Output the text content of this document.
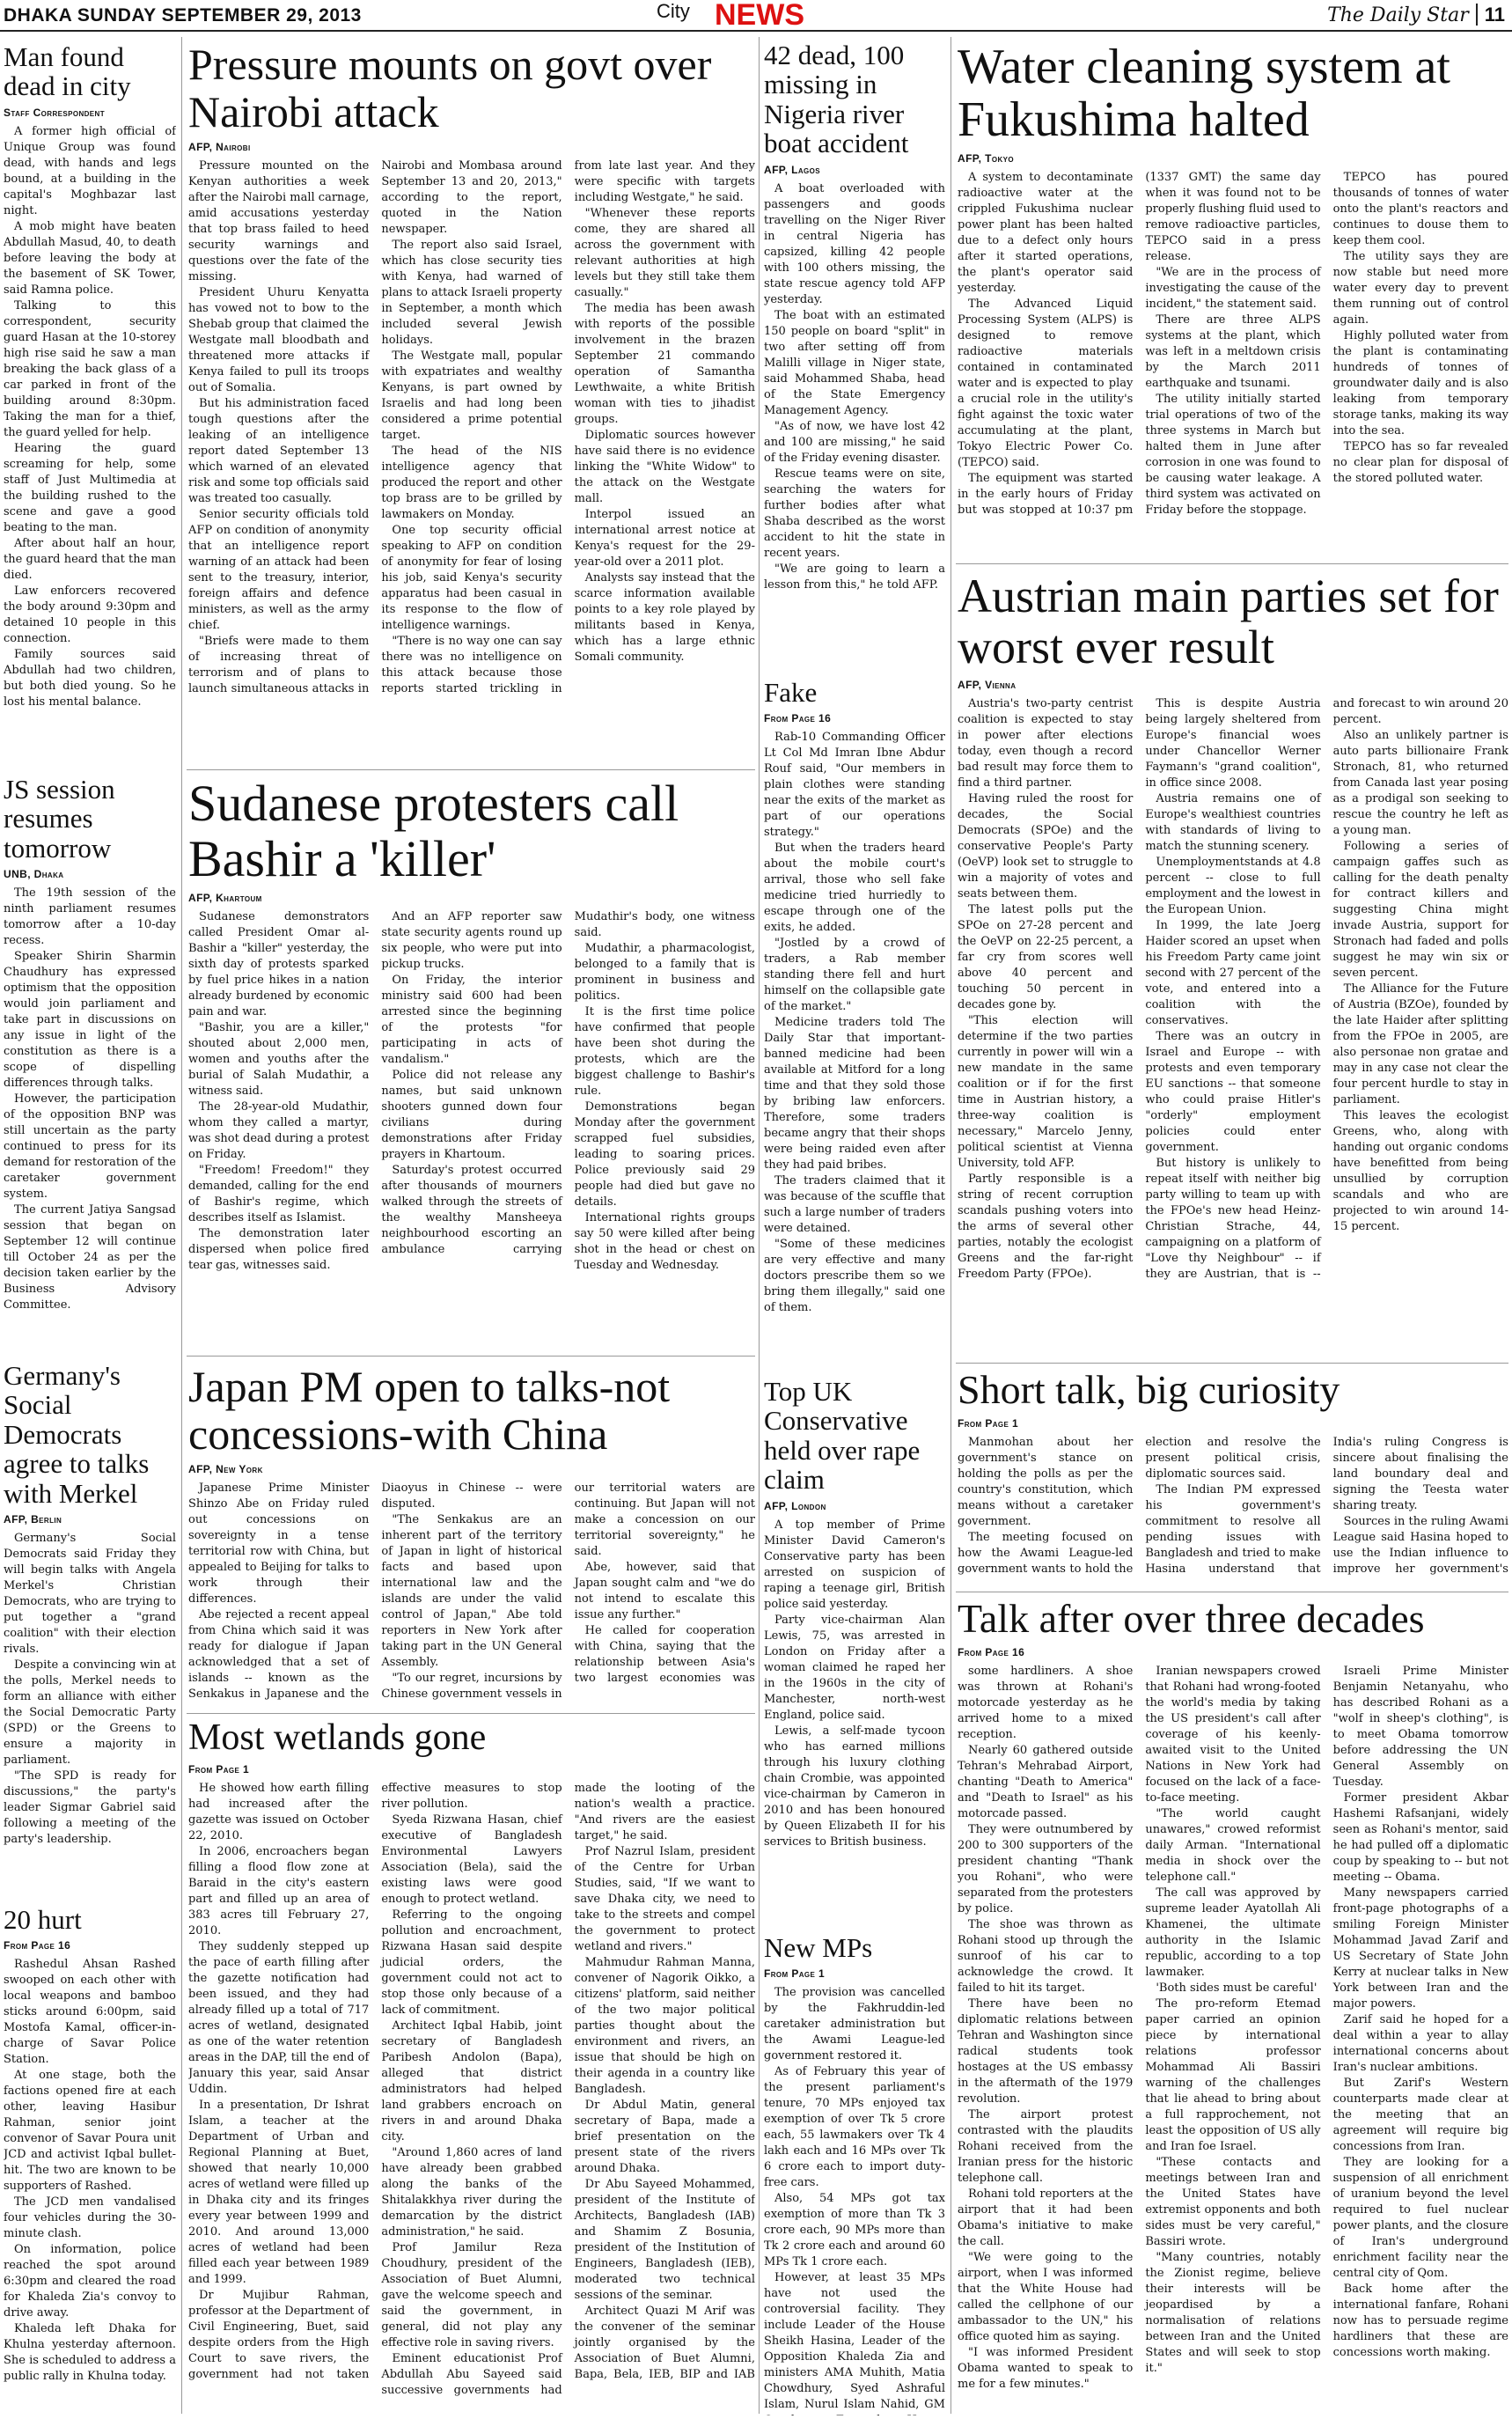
DHAKA SUNDAY SEPTEMBER 29, 2013	City NEWS	The Daily Star 11
Man found dead in city
Staff Correspondent

A former high official of Unique Group was found dead, with hands and legs bound, at a building in the capital's Moghbazar last night.

A mob might have beaten Abdullah Masud, 40, to death before leaving the body at the basement of SK Tower, said Ramna police.

Talking to this correspondent, security guard Hasan at the 10-storey high rise said he saw a man breaking the back glass of a car parked in front of the building around 8:30pm. Taking the man for a thief, the guard yelled for help.

Hearing the guard screaming for help, some staff of Just Multimedia at the building rushed to the scene and gave a good beating to the man.

After about half an hour, the guard heard that the man died.

Law enforcers recovered the body around 9:30pm and detained 10 people in this connection.

Family sources said Abdullah had two children, but both died young. So he lost his mental balance.

JS session resumes tomorrow
UNB, Dhaka

The 19th session of the ninth parliament resumes tomorrow after a 10-day recess.

Speaker Shirin Sharmin Chaudhury has expressed optimism that the opposition would join parliament and take part in discussions on any issue in light of the constitution as there is a scope of dispelling differences through talks.

However, the participation of the opposition BNP was still uncertain as the party continued to press for its demand for restoration of the caretaker government system.

The current Jatiya Sangsad session that began on September 12 will continue till October 24 as per the decision taken earlier by the Business Advisory Committee.

Germany's Social Democrats agree to talks with Merkel
AFP, Berlin

Germany's Social Democrats said Friday they will begin talks with Angela Merkel's Christian Democrats, who are trying to put together a "grand coalition" with their election rivals.

Despite a convincing win at the polls, Merkel needs to form an alliance with either the Social Democratic Party (SPD) or the Greens to ensure a majority in parliament.

"The SPD is ready for discussions," the party's leader Sigmar Gabriel said following a meeting of the party's leadership.

20 hurt
From Page 16

Rashedul Ahsan Rashed swooped on each other with local weapons and bamboo sticks around 6:00pm, said Mostofa Kamal, officer-in-charge of Savar Police Station.

At one stage, both the factions opened fire at each other, leaving Hasibur Rahman, senior joint convenor of Savar Poura unit JCD and activist Iqbal bullet-hit. The two are known to be supporters of Rashed.

The JCD men vandalised four vehicles during the 30-minute clash.

On information, police reached the spot around 6:30pm and cleared the road for Khaleda Zia's convoy to drive away.

Khaleda left Dhaka for Khulna yesterday afternoon. She is scheduled to address a public rally in Khulna today.

Pressure mounts on govt over Nairobi attack
AFP, Nairobi

Pressure mounted on the Kenyan authorities a week after the Nairobi mall carnage, amid accusations yesterday that top brass failed to heed security warnings and questions over the fate of the missing.

President Uhuru Kenyatta has vowed not to bow to the Shebab group that claimed the Westgate mall bloodbath and threatened more attacks if Kenya failed to pull its troops out of Somalia.

But his administration faced tough questions after the leaking of an intelligence report dated September 13 which warned of an elevated risk and some top officials said was treated too casually.

Senior security officials told AFP on condition of anonymity that an intelligence report warning of an attack had been sent to the treasury, interior, foreign affairs and defence ministers, as well as the army chief.

"Briefs were made to them of increasing threat of terrorism and of plans to launch simultaneous attacks in Nairobi and Mombasa around September 13 and 20, 2013," according to the report, quoted in the Nation newspaper.

The report also said Israel, which has close security ties with Kenya, had warned of plans to attack Israeli property in September, a month which included several Jewish holidays.

The Westgate mall, popular with expatriates and wealthy Kenyans, is part owned by Israelis and had long been considered a prime potential target.

The head of the NIS intelligence agency that produced the report and other top brass are to be grilled by lawmakers on Monday.

One top security official speaking to AFP on condition of anonymity for fear of losing his job, said Kenya's security apparatus had been casual in its response to the flow of intelligence warnings.

"There is no way one can say there was no intelligence on this attack because those reports started trickling in from late last year. And they were specific with targets including Westgate," he said.

"Whenever these reports come, they are shared all across the government with relevant authorities at high levels but they still take them casually."

The media has been awash with reports of the possible involvement in the brazen September 21 commando operation of Samantha Lewthwaite, a white British woman with ties to jihadist groups.

Diplomatic sources however have said there is no evidence linking the "White Widow" to the attack on the Westgate mall.

Interpol issued an international arrest notice at Kenya's request for the 29-year-old over a 2011 plot.

Analysts say instead that the scarce information available points to a key role played by militants based in Kenya, which has a large ethnic Somali community.

Sudanese protesters call Bashir a 'killer'
AFP, Khartoum

Sudanese demonstrators called President Omar al-Bashir a "killer" yesterday, the sixth day of protests sparked by fuel price hikes in a nation already burdened by economic pain and war.

"Bashir, you are a killer," shouted about 2,000 men, women and youths after the burial of Salah Mudathir, a witness said.

The 28-year-old Mudathir, whom they called a martyr, was shot dead during a protest on Friday.

"Freedom! Freedom!" they demanded, calling for the end of Bashir's regime, which describes itself as Islamist.

The demonstration later dispersed when police fired tear gas, witnesses said.

And an AFP reporter saw state security agents round up six people, who were put into pickup trucks.

On Friday, the interior ministry said 600 had been arrested since the beginning of the protests "for participating in acts of vandalism."

Police did not release any names, but said unknown shooters gunned down four civilians during demonstrations after Friday prayers in Khartoum.

Saturday's protest occurred after thousands of mourners walked through the streets of the wealthy Mansheeya neighbourhood escorting an ambulance carrying Mudathir's body, one witness said.

Mudathir, a pharmacologist, belonged to a family that is prominent in business and politics.

It is the first time police have confirmed that people have been shot during the protests, which are the biggest challenge to Bashir's rule.

Demonstrations began Monday after the government scrapped fuel subsidies, leading to soaring prices. Police previously said 29 people had died but gave no details.

International rights groups say 50 were killed after being shot in the head or chest on Tuesday and Wednesday.

Japan PM open to talks-not concessions-with China
AFP, New York

Japanese Prime Minister Shinzo Abe on Friday ruled out concessions on sovereignty in a tense territorial row with China, but appealed to Beijing for talks to work through their differences.

Abe rejected a recent appeal from China which said it was ready for dialogue if Japan acknowledged that a set of islands -- known as the Senkakus in Japanese and the Diaoyus in Chinese -- were disputed.

"The Senkakus are an inherent part of the territory of Japan in light of historical facts and based upon international law and the islands are under the valid control of Japan," Abe told reporters in New York after taking part in the UN General Assembly.

"To our regret, incursions by Chinese government vessels in our territorial waters are continuing. But Japan will not make a concession on our territorial sovereignty," he said.

Abe, however, said that Japan sought calm and "we do not intend to escalate this issue any further."

He called for cooperation with China, saying that the relationship between Asia's two largest economies was

Most wetlands gone
From Page 1

He showed how earth filling had increased after the gazette was issued on October 22, 2010.

In 2006, encroachers began filling a flood flow zone at Baraid in the city's eastern part and filled up an area of 383 acres till February 27, 2010.

They suddenly stepped up the pace of earth filling after the gazette notification had been issued, and they had already filled up a total of 717 acres of wetland, designated as one of the water retention areas in the DAP, till the end of January this year, said Ansar Uddin.

In a presentation, Dr Ishrat Islam, a teacher at the Department of Urban and Regional Planning at Buet, showed that nearly 10,000 acres of wetland were filled up in Dhaka city and its fringes every year between 1999 and 2010. And around 13,000 acres of wetland had been filled each year between 1989 and 1999.

Dr Mujibur Rahman, professor at the Department of Civil Engineering, Buet, said despite orders from the High Court to save rivers, the government had not taken effective measures to stop river pollution.

Syeda Rizwana Hasan, chief executive of Bangladesh Environmental Lawyers Association (Bela), said the existing laws were good enough to protect wetland.

Referring to the ongoing pollution and encroachment, Rizwana Hasan said despite judicial orders, the government could not act to stop those only because of a lack of commitment.

Architect Iqbal Habib, joint secretary of Bangladesh Paribesh Andolon (Bapa), alleged that district administrators had helped land grabbers encroach on rivers in and around Dhaka city.

"Around 1,860 acres of land have already been grabbed along the banks of the Shitalakkhya river during the demarcation by the district administration," he said.

Prof Jamilur Reza Choudhury, president of the Association of Buet Alumni, gave the welcome speech and said the government, in general, did not play any effective role in saving rivers.

Eminent educationist Prof Abdullah Abu Sayeed said successive governments had made the looting of the nation's wealth a practice. "And rivers are the easiest target," he said.

Prof Nazrul Islam, president of the Centre for Urban Studies, said, "If we want to save Dhaka city, we need to take to the streets and compel the government to protect wetland and rivers."

Mahmudur Rahman Manna, convener of Nagorik Oikko, a citizens' platform, said neither of the two major political parties thought about the environment and rivers, an issue that should be high on their agenda in a country like Bangladesh.

Dr Abdul Matin, general secretary of Bapa, made a brief presentation on the present state of the rivers around Dhaka.

Dr Abu Sayeed Mohammed, president of the Institute of Architects, Bangladesh (IAB) and Shamim Z Bosunia, president of the Institution of Engineers, Bangladesh (IEB), moderated two technical sessions of the seminar.

Architect Quazi M Arif was the convener of the seminar jointly organised by the Association of Buet Alumni, Bapa, Bela, IEB, BIP and IAB

42 dead, 100 missing in Nigeria river boat accident
AFP, Lagos

A boat overloaded with passengers and goods travelling on the Niger River in central Nigeria has capsized, killing 42 people with 100 others missing, the state rescue agency told AFP yesterday.

The boat with an estimated 150 people on board "split" in two after setting off from Malilli village in Niger state, said Mohammed Shaba, head of the State Emergency Management Agency.

"As of now, we have lost 42 and 100 are missing," he said of the Friday evening disaster.

Rescue teams were on site, searching the waters for further bodies after what Shaba described as the worst accident to hit the state in recent years.

"We are going to learn a lesson from this," he told AFP.

Fake
From Page 16

Rab-10 Commanding Officer Lt Col Md Imran Ibne Abdur Rouf said, "Our members in plain clothes were standing near the exits of the market as part of our operations strategy."

But when the traders heard about the mobile court's arrival, those who sell fake medicine tried hurriedly to escape through one of the exits, he added.

"Jostled by a crowd of traders, a Rab member standing there fell and hurt himself on the collapsible gate of the market."

Medicine traders told The Daily Star that important-banned medicine had been available at Mitford for a long time and that they sold those by bribing law enforcers. Therefore, some traders became angry that their shops were being raided even after they had paid bribes.

The traders claimed that it was because of the scuffle that such a large number of traders were detained.

"Some of these medicines are very effective and many doctors prescribe them so we bring them illegally," said one of them.

Top UK Conservative held over rape claim
AFP, London

A top member of Prime Minister David Cameron's Conservative party has been arrested on suspicion of raping a teenage girl, British police said yesterday.

Party vice-chairman Alan Lewis, 75, was arrested in London on Friday after a woman claimed he raped her in the 1960s in the city of Manchester, north-west England, police said.

Lewis, a self-made tycoon who has earned millions through his luxury clothing chain Crombie, was appointed vice-chairman by Cameron in 2010 and has been honoured by Queen Elizabeth II for his services to British business.

New MPs
From Page 1

The provision was cancelled by the Fakhruddin-led caretaker administration but the Awami League-led government restored it.

As of February this year of the present parliament's tenure, 70 MPs enjoyed tax exemption of over Tk 5 crore each, 55 lawmakers over Tk 4 lakh each and 16 MPs over Tk 6 crore each to import duty-free cars.

Also, 54 MPs got tax exemption of more than Tk 3 crore each, 90 MPs more than Tk 2 crore each and around 60 MPs Tk 1 crore each.

However, at least 35 MPs have not used the controversial facility. They include Leader of the House Sheikh Hasina, Leader of the Opposition Khaleda Zia and ministers AMA Muhith, Matia Chowdhury, Syed Ashraful Islam, Nurul Islam Nahid, GM

Water cleaning system at Fukushima halted
AFP, Tokyo

A system to decontaminate radioactive water at the crippled Fukushima nuclear power plant has been halted due to a defect only hours after it started operations, the plant's operator said yesterday.

The Advanced Liquid Processing System (ALPS) is designed to remove radioactive materials contained in contaminated water and is expected to play a crucial role in the utility's fight against the toxic water accumulating at the plant, Tokyo Electric Power Co. (TEPCO) said.

The equipment was started in the early hours of Friday but was stopped at 10:37 pm (1337 GMT) the same day when it was found not to be properly flushing fluid used to remove radioactive particles, TEPCO said in a press release.

"We are in the process of investigating the cause of the incident," the statement said.

There are three ALPS systems at the plant, which was left in a meltdown crisis by the March 2011 earthquake and tsunami.

The utility initially started trial operations of two of the three systems in March but halted them in June after corrosion in one was found to be causing water leakage. A third system was activated on Friday before the stoppage.

TEPCO has poured thousands of tonnes of water onto the plant's reactors and continues to douse them to keep them cool.

The utility says they are now stable but need more water every day to prevent them running out of control again.

Highly polluted water from the plant is contaminating hundreds of tonnes of groundwater daily and is also leaking from temporary storage tanks, making its way into the sea.

TEPCO has so far revealed no clear plan for disposal of the stored polluted water.

Austrian main parties set for worst ever result
AFP, Vienna

Austria's two-party centrist coalition is expected to stay in power after elections today, even though a record bad result may force them to find a third partner.

Having ruled the roost for decades, the Social Democrats (SPOe) and the conservative People's Party (OeVP) look set to struggle to win a majority of votes and seats between them.

The latest polls put the SPOe on 27-28 percent and the OeVP on 22-25 percent, a far cry from scores well above 40 percent and touching 50 percent in decades gone by.

"This election will determine if the two parties currently in power will win a new mandate in the same coalition or if for the first time in Austrian history, a three-way coalition is necessary," Marcelo Jenny, political scientist at Vienna University, told AFP.

Partly responsible is a string of recent corruption scandals pushing voters into the arms of several other parties, notably the ecologist Greens and the far-right Freedom Party (FPOe).

This is despite Austria being largely sheltered from Europe's financial woes under Chancellor Werner Faymann's "grand coalition", in office since 2008.

Austria remains one of Europe's wealthiest countries with standards of living to match the stunning scenery.

Unemploymentstands at 4.8 percent -- close to full employment and the lowest in the European Union.

In 1999, the late Joerg Haider scored an upset when his Freedom Party came joint second with 27 percent of the vote, and entered into a coalition with the conservatives.

There was an outcry in Israel and Europe -- with protests and even temporary EU sanctions -- that someone who could praise Hitler's "orderly" employment policies could enter government.

But history is unlikely to repeat itself with neither big party willing to team up with the FPOe's new head Heinz-Christian Strache, 44, campaigning on a platform of "Love thy Neighbour" -- if they are Austrian, that is -- and forecast to win around 20 percent.

Also an unlikely partner is auto parts billionaire Frank Stronach, 81, who returned from Canada last year posing as a prodigal son seeking to rescue the country he left as a young man.

Following a series of campaign gaffes such as calling for the death penalty for contract killers and suggesting China might invade Austria, support for Stronach had faded and polls suggest he may win six or seven percent.

The Alliance for the Future of Austria (BZOe), founded by the late Haider after splitting from the FPOe in 2005, are also personae non gratae and may in any case not clear the four percent hurdle to stay in parliament.

This leaves the ecologist Greens, who, along with handing out organic condoms have benefitted from being unsullied by corruption scandals and who are projected to win around 14-15 percent.

Short talk, big curiosity
From Page 1

Manmohan about her government's stance on holding the polls as per the country's constitution, which means without a caretaker government.

The meeting focused on how the Awami League-led government wants to hold the election and resolve the present political crisis, diplomatic sources said.

The Indian PM expressed his government's commitment to resolve all pending issues with Bangladesh and tried to make Hasina understand that India's ruling Congress is sincere about finalising the land boundary deal and signing the Teesta water sharing treaty.

Sources in the ruling Awami League said Hasina hoped to use the Indian influence to improve her government's

Talk after over three decades
From Page 16

some hardliners. A shoe was thrown at Rohani's motorcade yesterday as he arrived home to a mixed reception.

Nearly 60 gathered outside Tehran's Mehrabad Airport, chanting "Death to America" and "Death to Israel" as his motorcade passed.

They were outnumbered by 200 to 300 supporters of the president chanting "Thank you Rohani", who were separated from the protesters by police.

The shoe was thrown as Rohani stood up through the sunroof of his car to acknowledge the crowd. It failed to hit its target.

There have been no diplomatic relations between Tehran and Washington since radical students took hostages at the US embassy in the aftermath of the 1979 revolution.

The airport protest contrasted with the plaudits Rohani received from the Iranian press for the historic telephone call.

Rohani told reporters at the airport that it had been Obama's initiative to make the call.

"We were going to the airport, when I was informed that the White House had called the cellphone of our ambassador to the UN," his office quoted him as saying.

"I was informed President Obama wanted to speak to me for a few minutes."

Iranian newspapers crowed that Rohani had wrong-footed the world's media by taking the US president's call after coverage of his keenly-awaited visit to the United Nations in New York had focused on the lack of a face-to-face meeting.

"The world caught unawares," crowed reformist daily Arman. "International media in shock over the telephone call."

The call was approved by supreme leader Ayatollah Ali Khamenei, the ultimate authority in the Islamic republic, according to a top lawmaker.

'Both sides must be careful'

The pro-reform Etemad paper carried an opinion piece by international relations professor Mohammad Ali Bassiri warning of the challenges that lie ahead to bring about a full rapprochement, not least the opposition of US ally and Iran foe Israel.

"These contacts and meetings between Iran and the United States have extremist opponents and both sides must be very careful," Bassiri wrote.

"Many countries, notably the Zionist regime, believe their interests will be jeopardised by a normalisation of relations between Iran and the United States and will seek to stop it."

Israeli Prime Minister Benjamin Netanyahu, who has described Rohani as a "wolf in sheep's clothing", is to meet Obama tomorrow before addressing the UN General Assembly on Tuesday.

Former president Akbar Hashemi Rafsanjani, widely seen as Rohani's mentor, said he had pulled off a diplomatic coup by speaking to -- but not meeting -- Obama.

Many newspapers carried front-page photographs of a smiling Foreign Minister Mohammad Javad Zarif and US Secretary of State John Kerry at nuclear talks in New York between Iran and the major powers.

Zarif said he hoped for a deal within a year to allay international concerns about Iran's nuclear ambitions.

But Zarif's Western counterparts made clear at the meeting that an agreement will require big concessions from Iran.

They are looking for a suspension of all enrichment of uranium beyond the level required to fuel nuclear power plants, and the closure of Iran's underground enrichment facility near the central city of Qom.

Back home after the international fanfare, Rohani now has to persuade regime hardliners that these are concessions worth making.
